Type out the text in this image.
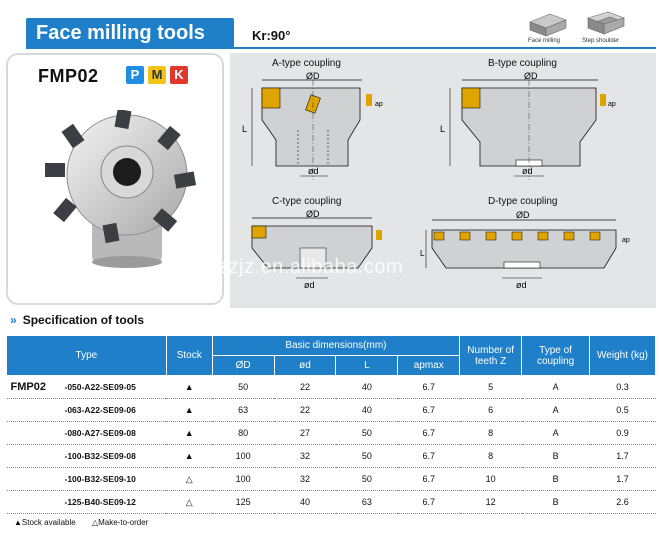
Face milling tools	Kr:90°	Face milling	Step shoulder
FMP02	P M K
A-type coupling	B-type coupling
C-type coupling	D-type coupling
ØD
L
ød
ap
ØD
L
ød
ap
ØD
ød
ØD
ød
L
ap
zzjz.en.alibaba.com
» Specification of tools
Type	Stock	Basic dimensions(mm)				Number of teeth Z	Type of coupling	Weight (kg)
		ØD	ød	L	apmax			
FMP02 -050-A22-SE09-05	▲	50	22	40	6.7	5	A	0.3
-063-A22-SE09-06	▲	63	22	40	6.7	6	A	0.5
-080-A27-SE09-08	▲	80	27	50	6.7	8	A	0.9
-100-B32-SE09-08	▲	100	32	50	6.7	8	B	1.7
-100-B32-SE09-10	△	100	32	50	6.7	10	B	1.7
-125-B40-SE09-12	△	125	40	63	6.7	12	B	2.6
▲Stock available △Make-to-order
